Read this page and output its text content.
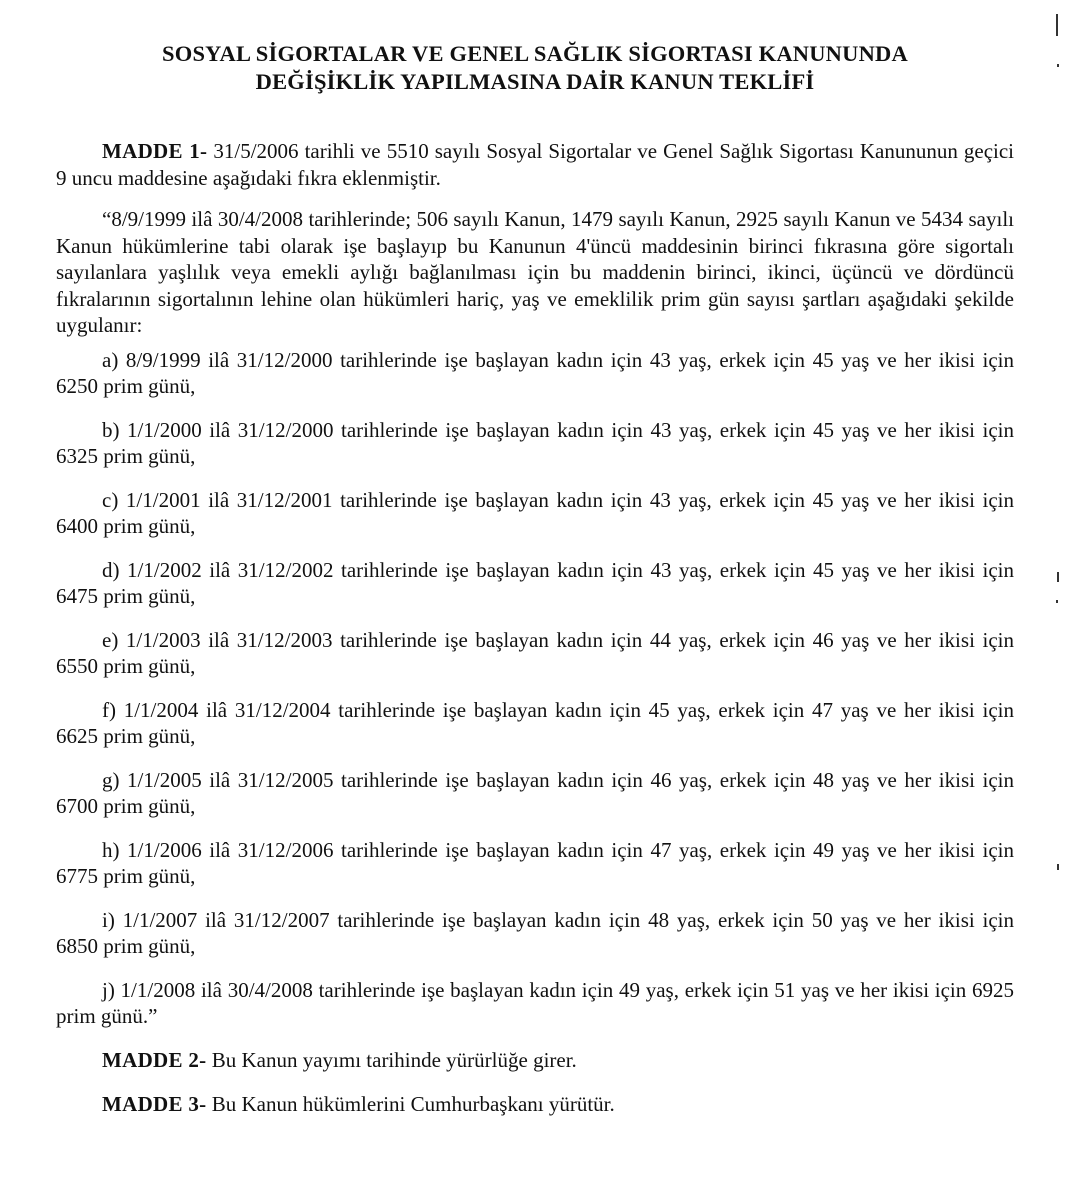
SOSYAL SİGORTALAR VE GENEL SAĞLIK SİGORTASI KANUNUNDA
DEĞİŞİKLİK YAPILMASINA DAİR KANUN TEKLİFİ

MADDE 1- 31/5/2006 tarihli ve 5510 sayılı Sosyal Sigortalar ve Genel Sağlık Sigortası Kanununun geçici 9 uncu maddesine aşağıdaki fıkra eklenmiştir.

“8/9/1999 ilâ 30/4/2008 tarihlerinde; 506 sayılı Kanun, 1479 sayılı Kanun, 2925 sayılı Kanun ve 5434 sayılı Kanun hükümlerine tabi olarak işe başlayıp bu Kanunun 4'üncü maddesinin birinci fıkrasına göre sigortalı sayılanlara yaşlılık veya emekli aylığı bağlanılması için bu maddenin birinci, ikinci, üçüncü ve dördüncü fıkralarının sigortalının lehine olan hükümleri hariç, yaş ve emeklilik prim gün sayısı şartları aşağıdaki şekilde uygulanır:

a) 8/9/1999 ilâ 31/12/2000 tarihlerinde işe başlayan kadın için 43 yaş, erkek için 45 yaş ve her ikisi için 6250 prim günü,

b) 1/1/2000 ilâ 31/12/2000 tarihlerinde işe başlayan kadın için 43 yaş, erkek için 45 yaş ve her ikisi için 6325 prim günü,

c) 1/1/2001 ilâ 31/12/2001 tarihlerinde işe başlayan kadın için 43 yaş, erkek için 45 yaş ve her ikisi için 6400 prim günü,

d) 1/1/2002 ilâ 31/12/2002 tarihlerinde işe başlayan kadın için 43 yaş, erkek için 45 yaş ve her ikisi için 6475 prim günü,

e) 1/1/2003 ilâ 31/12/2003 tarihlerinde işe başlayan kadın için 44 yaş, erkek için 46 yaş ve her ikisi için 6550 prim günü,

f) 1/1/2004 ilâ 31/12/2004 tarihlerinde işe başlayan kadın için 45 yaş, erkek için 47 yaş ve her ikisi için 6625 prim günü,

g) 1/1/2005 ilâ 31/12/2005 tarihlerinde işe başlayan kadın için 46 yaş, erkek için 48 yaş ve her ikisi için 6700 prim günü,

h) 1/1/2006 ilâ 31/12/2006 tarihlerinde işe başlayan kadın için 47 yaş, erkek için 49 yaş ve her ikisi için 6775 prim günü,

i) 1/1/2007 ilâ 31/12/2007 tarihlerinde işe başlayan kadın için 48 yaş, erkek için 50 yaş ve her ikisi için 6850 prim günü,

j) 1/1/2008 ilâ 30/4/2008 tarihlerinde işe başlayan kadın için 49 yaş, erkek için 51 yaş ve her ikisi için 6925 prim günü.”

MADDE 2- Bu Kanun yayımı tarihinde yürürlüğe girer.

MADDE 3- Bu Kanun hükümlerini Cumhurbaşkanı yürütür.
